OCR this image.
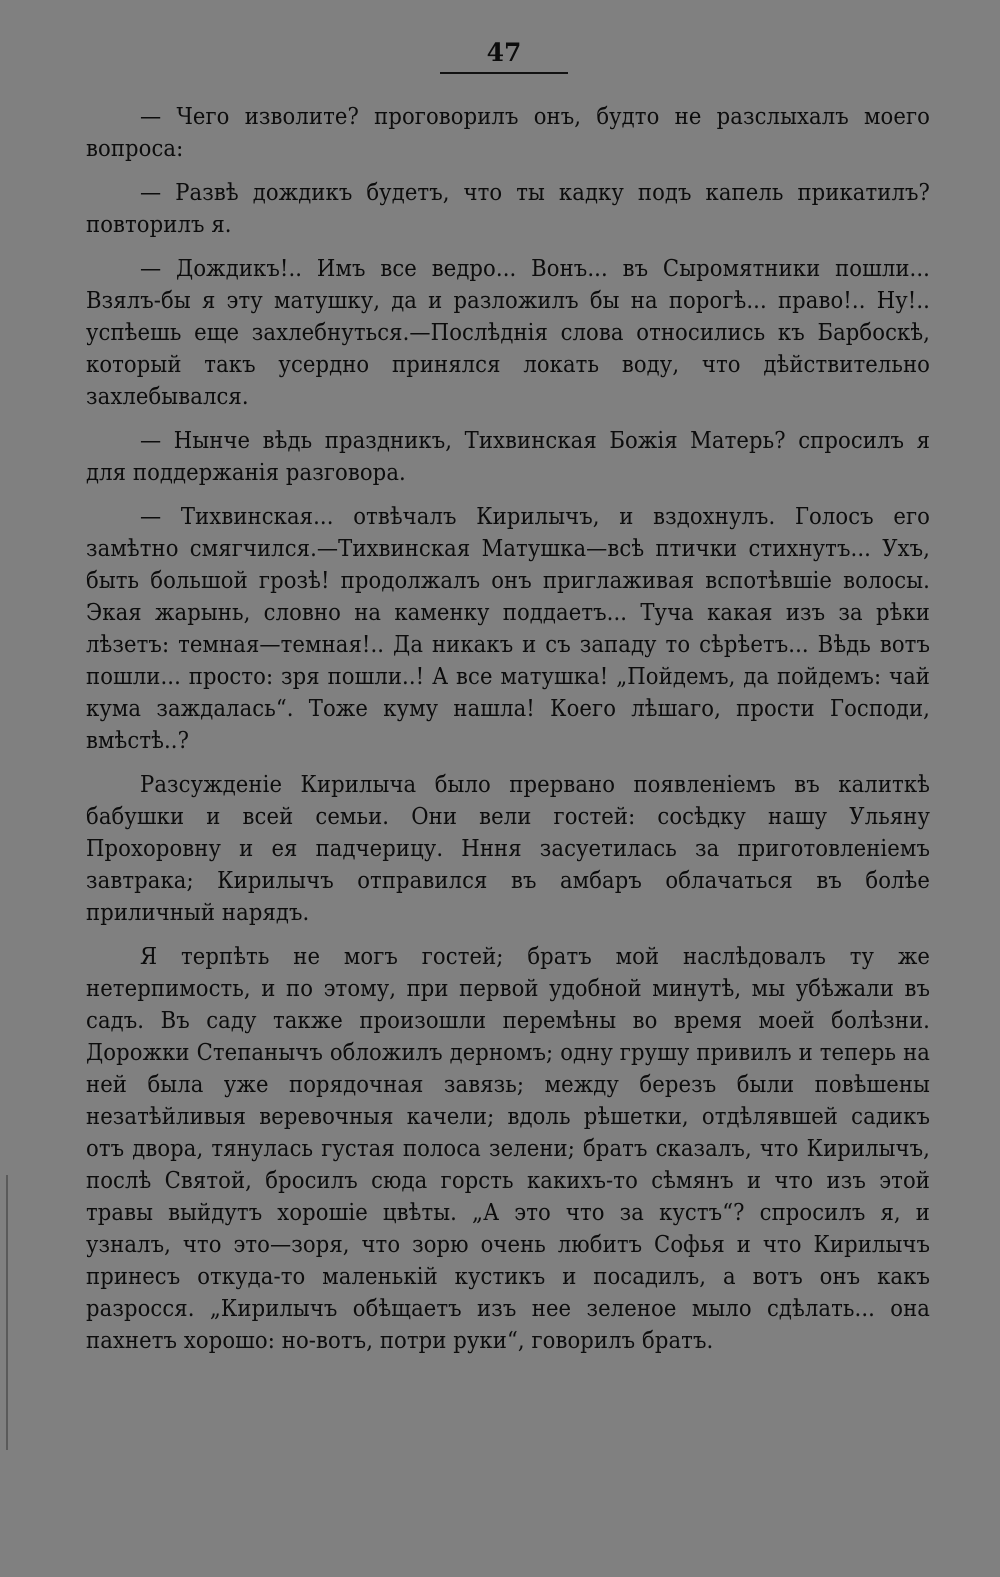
47

— Чего изволите? проговорилъ онъ, будто не разслыхалъ моего вопроса:

— Развѣ дождикъ будетъ, что ты кадку подъ капель прикатилъ? повторилъ я.

— Дождикъ!.. Имъ все ведро... Вонъ... въ Сыромятники пошли... Взялъ-бы я эту матушку, да и разложилъ бы на порогѣ... право!.. Ну!.. успѣешь еще захлебнуться.—Послѣднія слова относились къ Барбоскѣ, который такъ усердно принялся локать воду, что дѣйствительно захлебывался.

— Нынче вѣдь праздникъ, Тихвинская Божія Матерь? спросилъ я для поддержанія разговора.

— Тихвинская... отвѣчалъ Кирилычъ, и вздохнулъ. Голосъ его замѣтно смягчился.—Тихвинская Матушка—всѣ птички стихнутъ... Ухъ, быть большой грозѣ! продолжалъ онъ приглаживая вспотѣвшіе волосы. Экая жарынь, словно на каменку поддаетъ... Туча какая изъ за рѣки лѣзетъ: темная—темная!.. Да никакъ и съ западу то сѣрѣетъ... Вѣдь вотъ пошли... просто: зря пошли..! А все матушка! „Пойдемъ, да пойдемъ: чай кума заждалась“. Тоже куму нашла! Коего лѣшаго, прости Господи, вмѣстѣ..?

Разсужденіе Кирилыча было прервано появленіемъ въ калиткѣ бабушки и всей семьи. Они вели гостей: сосѣдку нашу Ульяну Прохоровну и ея падчерицу. Нння засуетилась за приготовленіемъ завтрака; Кирилычъ отправился въ амбаръ облачаться въ болѣе приличный нарядъ.

Я терпѣть не могъ гостей; братъ мой наслѣдовалъ ту же нетерпимость, и по этому, при первой удобной минутѣ, мы убѣжали въ садъ. Въ саду также произошли перемѣны во время моей болѣзни. Дорожки Степанычъ обложилъ дерномъ; одну грушу привилъ и теперь на ней была уже порядочная завязь; между березъ были повѣшены незатѣйливыя веревочныя качели; вдоль рѣшетки, отдѣлявшей садикъ отъ двора, тянулась густая полоса зелени; братъ сказалъ, что Кирилычъ, послѣ Святой, бросилъ сюда горсть какихъ-то сѣмянъ и что изъ этой травы выйдутъ хорошіе цвѣты. „А это что за кустъ“? спросилъ я, и узналъ, что это—зоря, что зорю очень любитъ Софья и что Кирилычъ принесъ откуда-то маленькій кустикъ и посадилъ, а вотъ онъ какъ разросся. „Кирилычъ обѣщаетъ изъ нее зеленое мыло сдѣлать... она пахнетъ хорошо: но-вотъ, потри руки“, говорилъ братъ.
